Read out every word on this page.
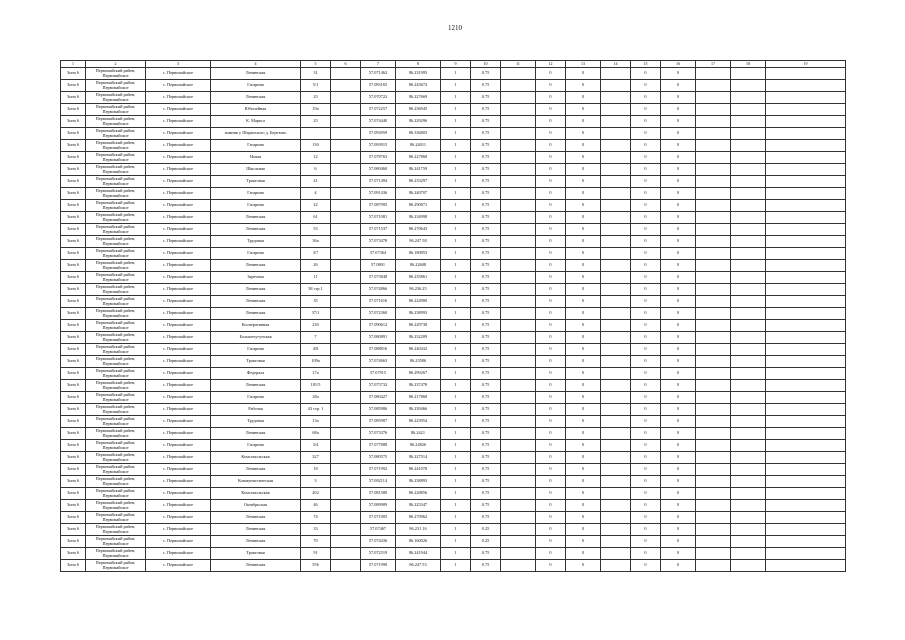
1210
1	2	3	4	5	6	7	8	9	10	11	12	13	14	15	16	17	18	19
Зона 6	Первомайский район, Первомайское	с. Первомайское	Ленинская	31		57.071462	86.231995	1	0.75		0	0		0	0			
Зона 6	Первомайский район, Первомайское	с. Первомайское	Гагарина	5/1		57.083165	86.243674	1	0.75		0	0		0	0			
Зона 6	Первомайский район, Первомайское	с. Первомайское	Ленинская	23		57.070722	86.227669	1	0.75		0	0		0	0			
Зона 6	Первомайский район, Первомайское	с. Первомайское	Юбилейная	19а		57.072257	86.236945	1	0.75		0	0		0	0			
Зона 6	Первомайский район, Первомайское	с. Первомайское	К. Маркса	23		57.074440	86.229296	1	0.75		0	0		0	0			
Зона 6	Первомайский район, Первомайское	с. Первомайское	зимник у Шарапского д. Березово			57.093959	86.336803	1	0.75		0	0		0	0			
Зона 6	Первомайский район, Первомайское	с. Первомайское	Гагарина	130		57.093915	86.24011	1	0.75		0	0		0	0			
Зона 6	Первомайский район, Первомайское	с. Первомайское	Новая	12		57.078763	86.227868	1	0.75		0	0		0	0			
Зона 6	Первомайский район, Первомайское	с. Первомайское	Школьная	6		57.080460	86.241759	1	0.75		0	0		0	0			
Зона 6	Первомайский район, Первомайское	с. Первомайское	Трактовая	41		57.071494	86.233297	1	0.75		0	0		0	0			
Зона 6	Первомайский район, Первомайское	с. Первомайское	Гагарина	4		57.091436	86.240707	1	0.75		0	0		0	0			
Зона 6	Первомайский район, Первомайское	с. Первомайское	Гагарина	22		57.087995	86.290871	1	0.75		0	0		0	0			
Зона 6	Первомайский район, Первомайское	с. Первомайское	Ленинская	61		57.071081	86.234998	1	0.75		0	0		0	0			
Зона 6	Первомайский район, Первомайское	с. Первомайское	Ленинская	53		57.071537	86.270643	1	0.75		0	0		0	0			
Зона 6	Первомайский район, Первомайское	с. Первомайское	Трудовая	36а		57.073478	86.247 58	1	0.75		0	0		0	0			
Зона 6	Первомайский район, Первомайское	с. Первомайское	Гагарина	3/7		57.07364	86.180853	1	0.75		0	0		0	0			
Зона 6	Первомайский район, Первомайское	с. Первомайское	Ленинская	26		57.0801	86.22608	1	0.75		0	0		0	0			
Зона 6	Первомайский район, Первомайское	с. Первомайское	Заречная	11		57.073848	86.235861	1	0.75		0	0		0	0			
Зона 6	Первомайский район, Первомайское	с. Первомайское	Ленинская	38 стр.1		57.074866	86.236.25	1	0.75		0	0		0	0			
Зона 6	Первомайский район, Первомайское	с. Первомайское	Ленинская	35		57.071616	86.224900	1	0.75		0	0		0	0			
Зона 6	Первомайский район, Первомайское	с. Первомайское	Ленинская	37/1		57.072360	86.238993	1	0.75		0	0		0	0			
Зона 6	Первомайский район, Первомайское	с. Первомайское	Кооперативная	230		57.090612	86.229738	1	0.75		0	0		0	0			
Зона 6	Первомайский район, Первомайское	с. Первомайское	Большечугунская	7		57.080891	86.232209	1	0.75		0	0		0	0			
Зона 6	Первомайский район, Первомайское	с. Первомайское	Гагарина	4/8		57.088816	86.240432	1	0.75		0	0		0	0			
Зона 6	Первомайский район, Первомайское	с. Первомайское	Трактовая	109а		57.074663	86.23586	1	0.75		0	0		0	0			
Зона 6	Первомайский район, Первомайское	с. Первомайское	Федерала	17а		57.07915	86.299267	1	0.75		0	0		0	0			
Зона 6	Первомайский район, Первомайское	с. Первомайское	Ленинская	181/5		57.075732	86.237478	1	0.75		0	0		0	0			
Зона 6	Первомайский район, Первомайское	с. Первомайское	Гагарина	28а		57.080427	86.217868	1	0.75		0	0		0	0			
Зона 6	Первомайский район, Первомайское	с. Первомайское	Рабочая	43 стр. 1		57.085986	86.239466	1	0.75		0	0		0	0			
Зона 6	Первомайский район, Первомайское	с. Первомайское	Трудовая	13а		57.085987	86.223954	1	0.75		0	0		0	0			
Зона 6	Первомайский район, Первомайское	с. Первомайское	Ленинская	68а		57.073376	86.2421	1	0.75		0	0		0	0			
Зона 6	Первомайский район, Первомайское	с. Первомайское	Гагарина	3/4		57.077888	86.24826	1	0.75		0	0		0	0			
Зона 6	Первомайский район, Первомайское	с. Первомайское	Комсомольская	327		57.080575	86.227514	1	0.75		0	0		0	0			
Зона 6	Первомайский район, Первомайское	с. Первомайское	Ленинская	18		57.071992	86.241078	1	0.75		0	0		0	0			
Зона 6	Первомайский район, Первомайское	с. Первомайское	Коммунистическая	3		57.082114	86.238893	1	0.75		0	0		0	0			
Зона 6	Первомайский район, Первомайское	с. Первомайское	Комсомольская	202		57.081580	86.228856	1	0.75		0	0		0	0			
Зона 6	Первомайский район, Первомайское	с. Первомайское	Октябрьская	46		57.089989	86.225347	1	0.75		0	0		0	0			
Зона 6	Первомайский район, Первомайское	с. Первомайское	Ленинская	74		57.071905	86.270962	1	0.75		0	0		0	0			
Зона 6	Первомайский район, Первомайское	с. Первомайское	Ленинская	33		57.07467	86.231 16	1	0.25		0	0		0	0			
Зона 6	Первомайский район, Первомайское	с. Первомайское	Ленинская	70		57.074436	86.160026	1	0.25		0	0		0	0			
Зона 6	Первомайский район, Первомайское	с. Первомайское	Трактовая	91		57.072519	86.241944	1	0.75		0	0		0	0			
Зона 6	Первомайский район, Первомайское	с. Первомайское	Ленинская	556		57.071998	86.247 53	1	0.75		0	0		0	0			
